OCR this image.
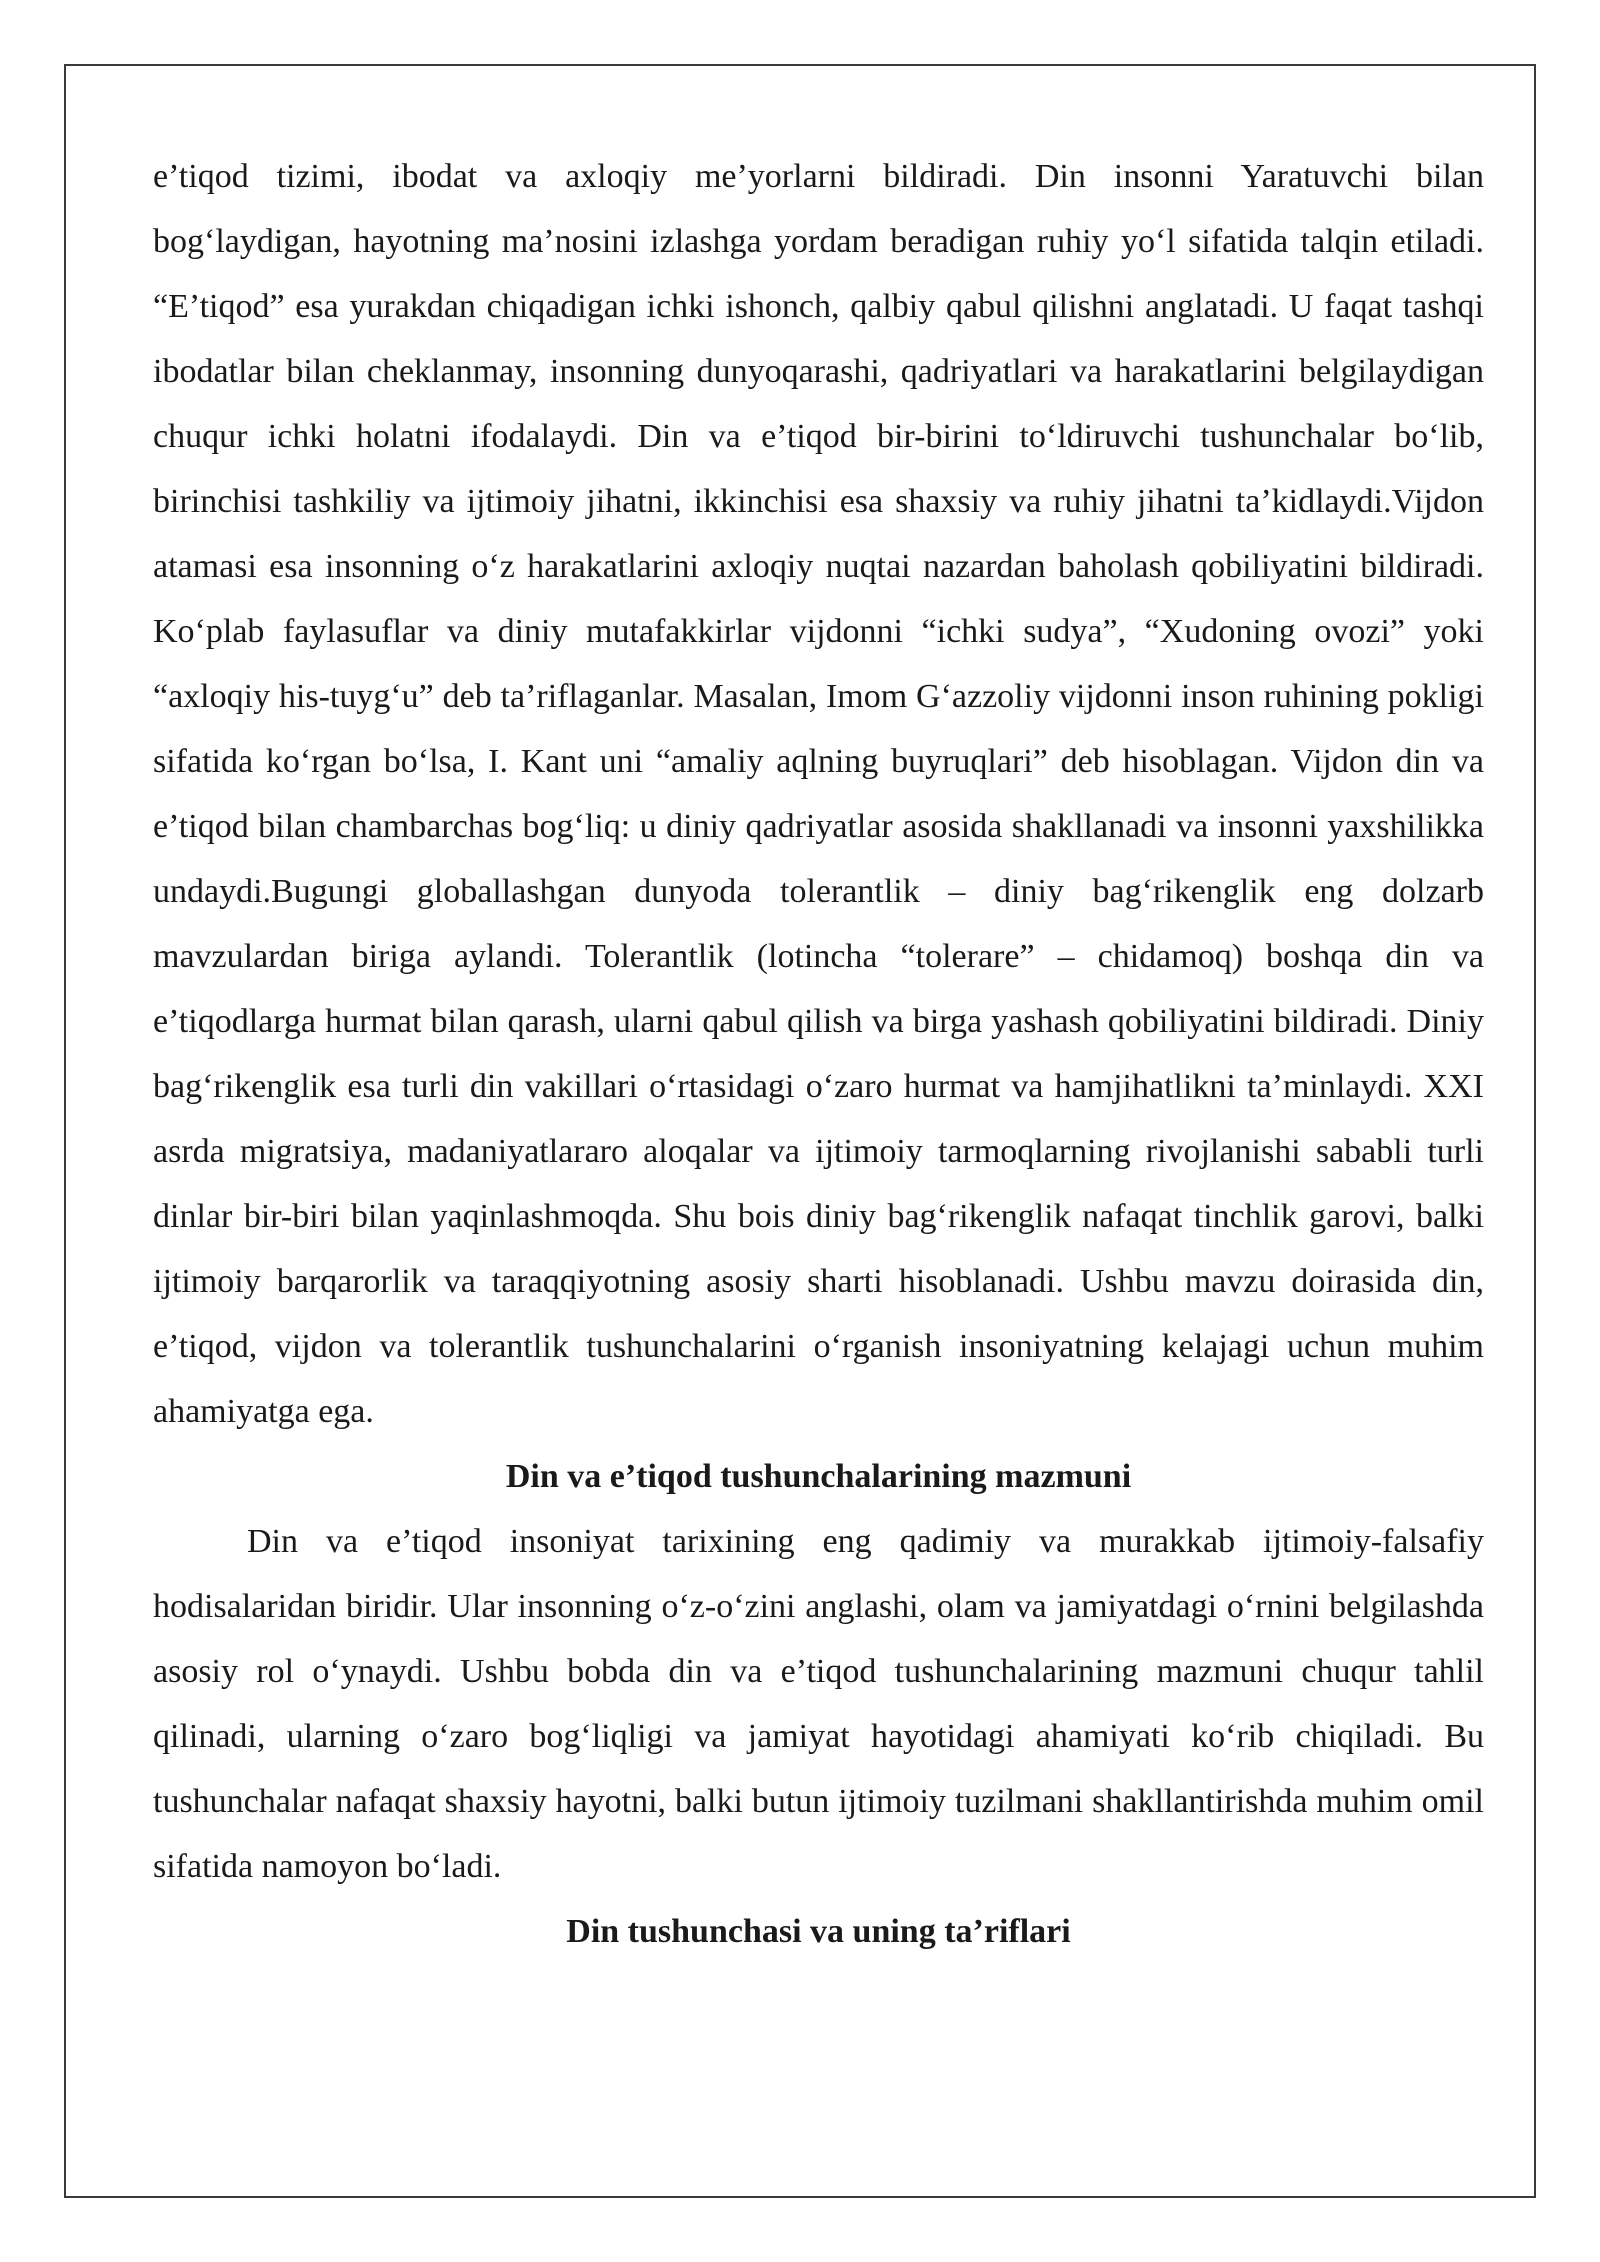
e’tiqod tizimi, ibodat va axloqiy me’yorlarni bildiradi. Din insonni Yaratuvchi bilan bog‘laydigan, hayotning ma’nosini izlashga yordam beradigan ruhiy yo‘l sifatida talqin etiladi. “E’tiqod” esa yurakdan chiqadigan ichki ishonch, qalbiy qabul qilishni anglatadi. U faqat tashqi ibodatlar bilan cheklanmay, insonning dunyoqarashi, qadriyatlari va harakatlarini belgilaydigan chuqur ichki holatni ifodalaydi. Din va e’tiqod bir-birini to‘ldiruvchi tushunchalar bo‘lib, birinchisi tashkiliy va ijtimoiy jihatni, ikkinchisi esa shaxsiy va ruhiy jihatni ta’kidlaydi.Vijdon atamasi esa insonning o‘z harakatlarini axloqiy nuqtai nazardan baholash qobiliyatini bildiradi. Ko‘plab faylasuflar va diniy mutafakkirlar vijdonni “ichki sudya”, “Xudoning ovozi” yoki “axloqiy his-tuyg‘u” deb ta’riflaganlar. Masalan, Imom G‘azzoliy vijdonni inson ruhining pokligi sifatida ko‘rgan bo‘lsa, I. Kant uni “amaliy aqlning buyruqlari” deb hisoblagan. Vijdon din va e’tiqod bilan chambarchas bog‘liq: u diniy qadriyatlar asosida shakllanadi va insonni yaxshilikka undaydi.Bugungi globallashgan dunyoda tolerantlik – diniy bag‘rikenglik eng dolzarb mavzulardan biriga aylandi. Tolerantlik (lotincha “tolerare” – chidamoq) boshqa din va e’tiqodlarga hurmat bilan qarash, ularni qabul qilish va birga yashash qobiliyatini bildiradi. Diniy bag‘rikenglik esa turli din vakillari o‘rtasidagi o‘zaro hurmat va hamjihatlikni ta’minlaydi. XXI asrda migratsiya, madaniyatlararo aloqalar va ijtimoiy tarmoqlarning rivojlanishi sababli turli dinlar bir-biri bilan yaqinlashmoqda. Shu bois diniy bag‘rikenglik nafaqat tinchlik garovi, balki ijtimoiy barqarorlik va taraqqiyotning asosiy sharti hisoblanadi. Ushbu mavzu doirasida din, e’tiqod, vijdon va tolerantlik tushunchalarini o‘rganish insoniyatning kelajagi uchun muhim ahamiyatga ega.

Din va e’tiqod tushunchalarining mazmuni

Din va e’tiqod insoniyat tarixining eng qadimiy va murakkab ijtimoiy-falsafiy hodisalaridan biridir. Ular insonning o‘z-o‘zini anglashi, olam va jamiyatdagi o‘rnini belgilashda asosiy rol o‘ynaydi. Ushbu bobda din va e’tiqod tushunchalarining mazmuni chuqur tahlil qilinadi, ularning o‘zaro bog‘liqligi va jamiyat hayotidagi ahamiyati ko‘rib chiqiladi. Bu tushunchalar nafaqat shaxsiy hayotni, balki butun ijtimoiy tuzilmani shakllantirishda muhim omil sifatida namoyon bo‘ladi.

Din tushunchasi va uning ta’riflari
